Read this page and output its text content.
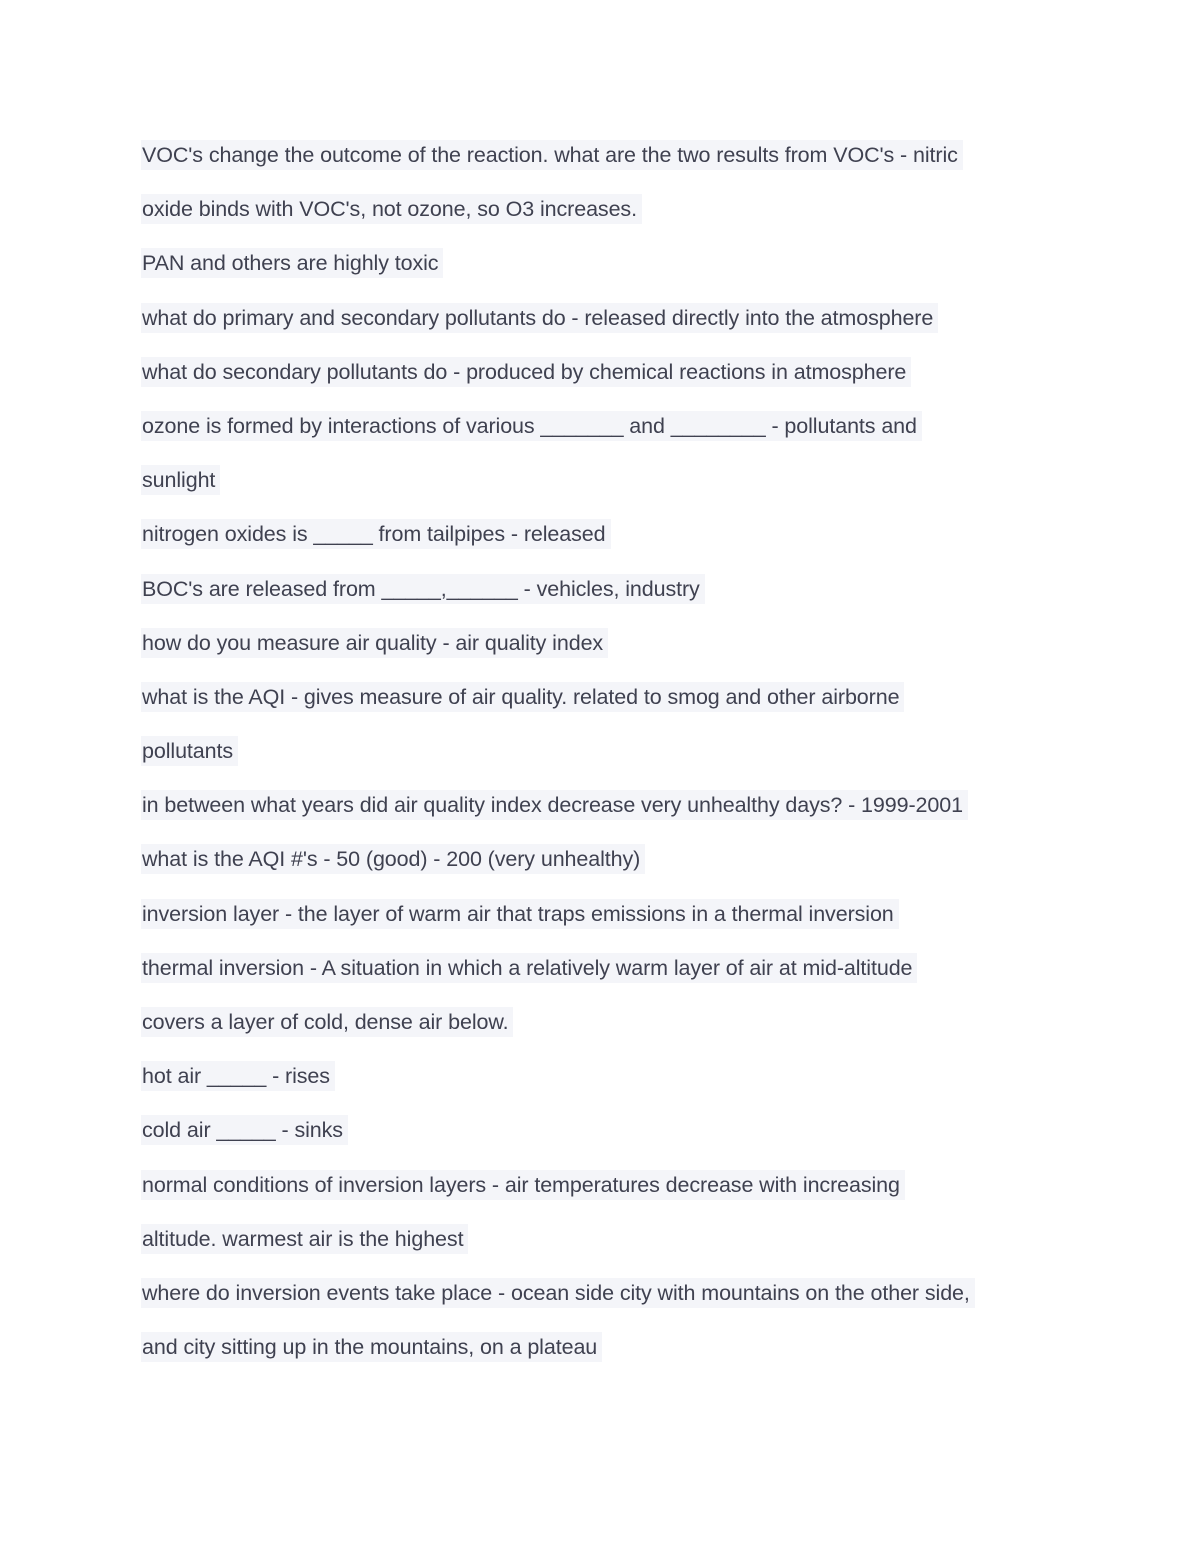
VOC's change the outcome of the reaction. what are the two results from VOC's - nitric
oxide binds with VOC's, not ozone, so O3 increases.
PAN and others are highly toxic
what do primary and secondary pollutants do - released directly into the atmosphere
what do secondary pollutants do - produced by chemical reactions in atmosphere
ozone is formed by interactions of various _______ and ________ - pollutants and
sunlight
nitrogen oxides is _____ from tailpipes - released
BOC's are released from _____,______ - vehicles, industry
how do you measure air quality - air quality index
what is the AQI - gives measure of air quality. related to smog and other airborne
pollutants
in between what years did air quality index decrease very unhealthy days? - 1999-2001
what is the AQI #'s - 50 (good) - 200 (very unhealthy)
inversion layer - the layer of warm air that traps emissions in a thermal inversion
thermal inversion - A situation in which a relatively warm layer of air at mid-altitude
covers a layer of cold, dense air below.
hot air _____ - rises
cold air _____ - sinks
normal conditions of inversion layers - air temperatures decrease with increasing
altitude. warmest air is the highest
where do inversion events take place - ocean side city with mountains on the other side,
and city sitting up in the mountains, on a plateau
